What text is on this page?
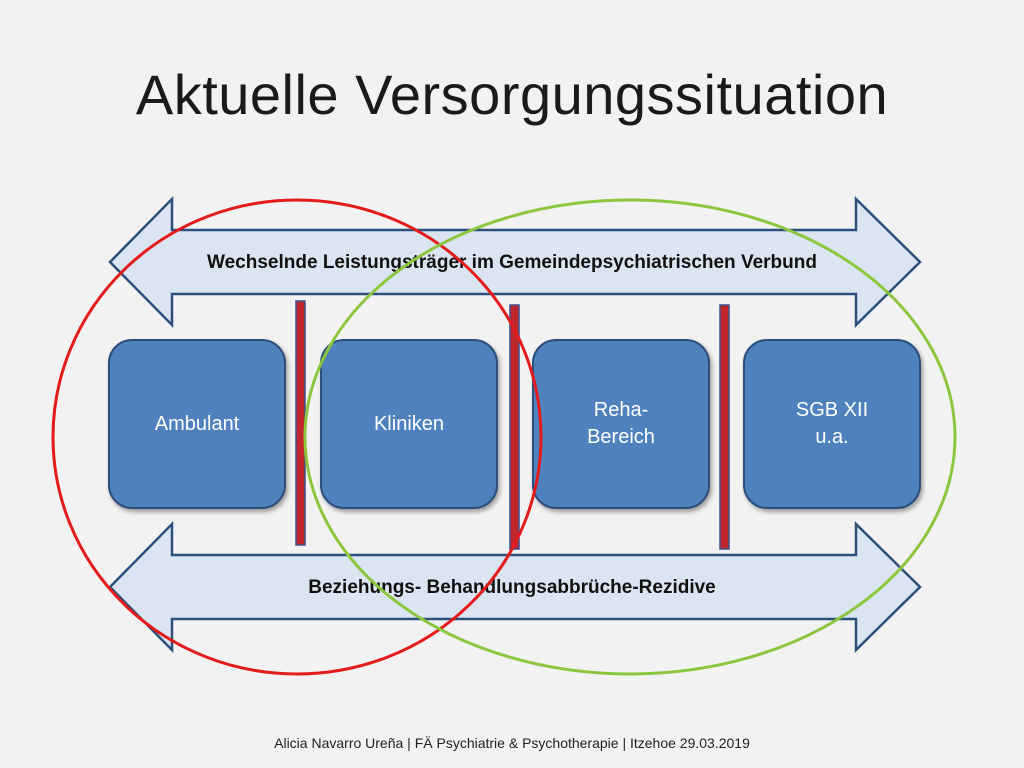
Aktuelle Versorgungssituation
Wechselnde Leistungsträger im Gemeindepsychiatrischen Verbund
Beziehungs- Behandlungsabbrüche-Rezidive
Ambulant	Kliniken
Reha-
Bereich
SGB XII
u.a.
Alicia Navarro Ureña | FÄ Psychiatrie & Psychotherapie | Itzehoe 29.03.2019
